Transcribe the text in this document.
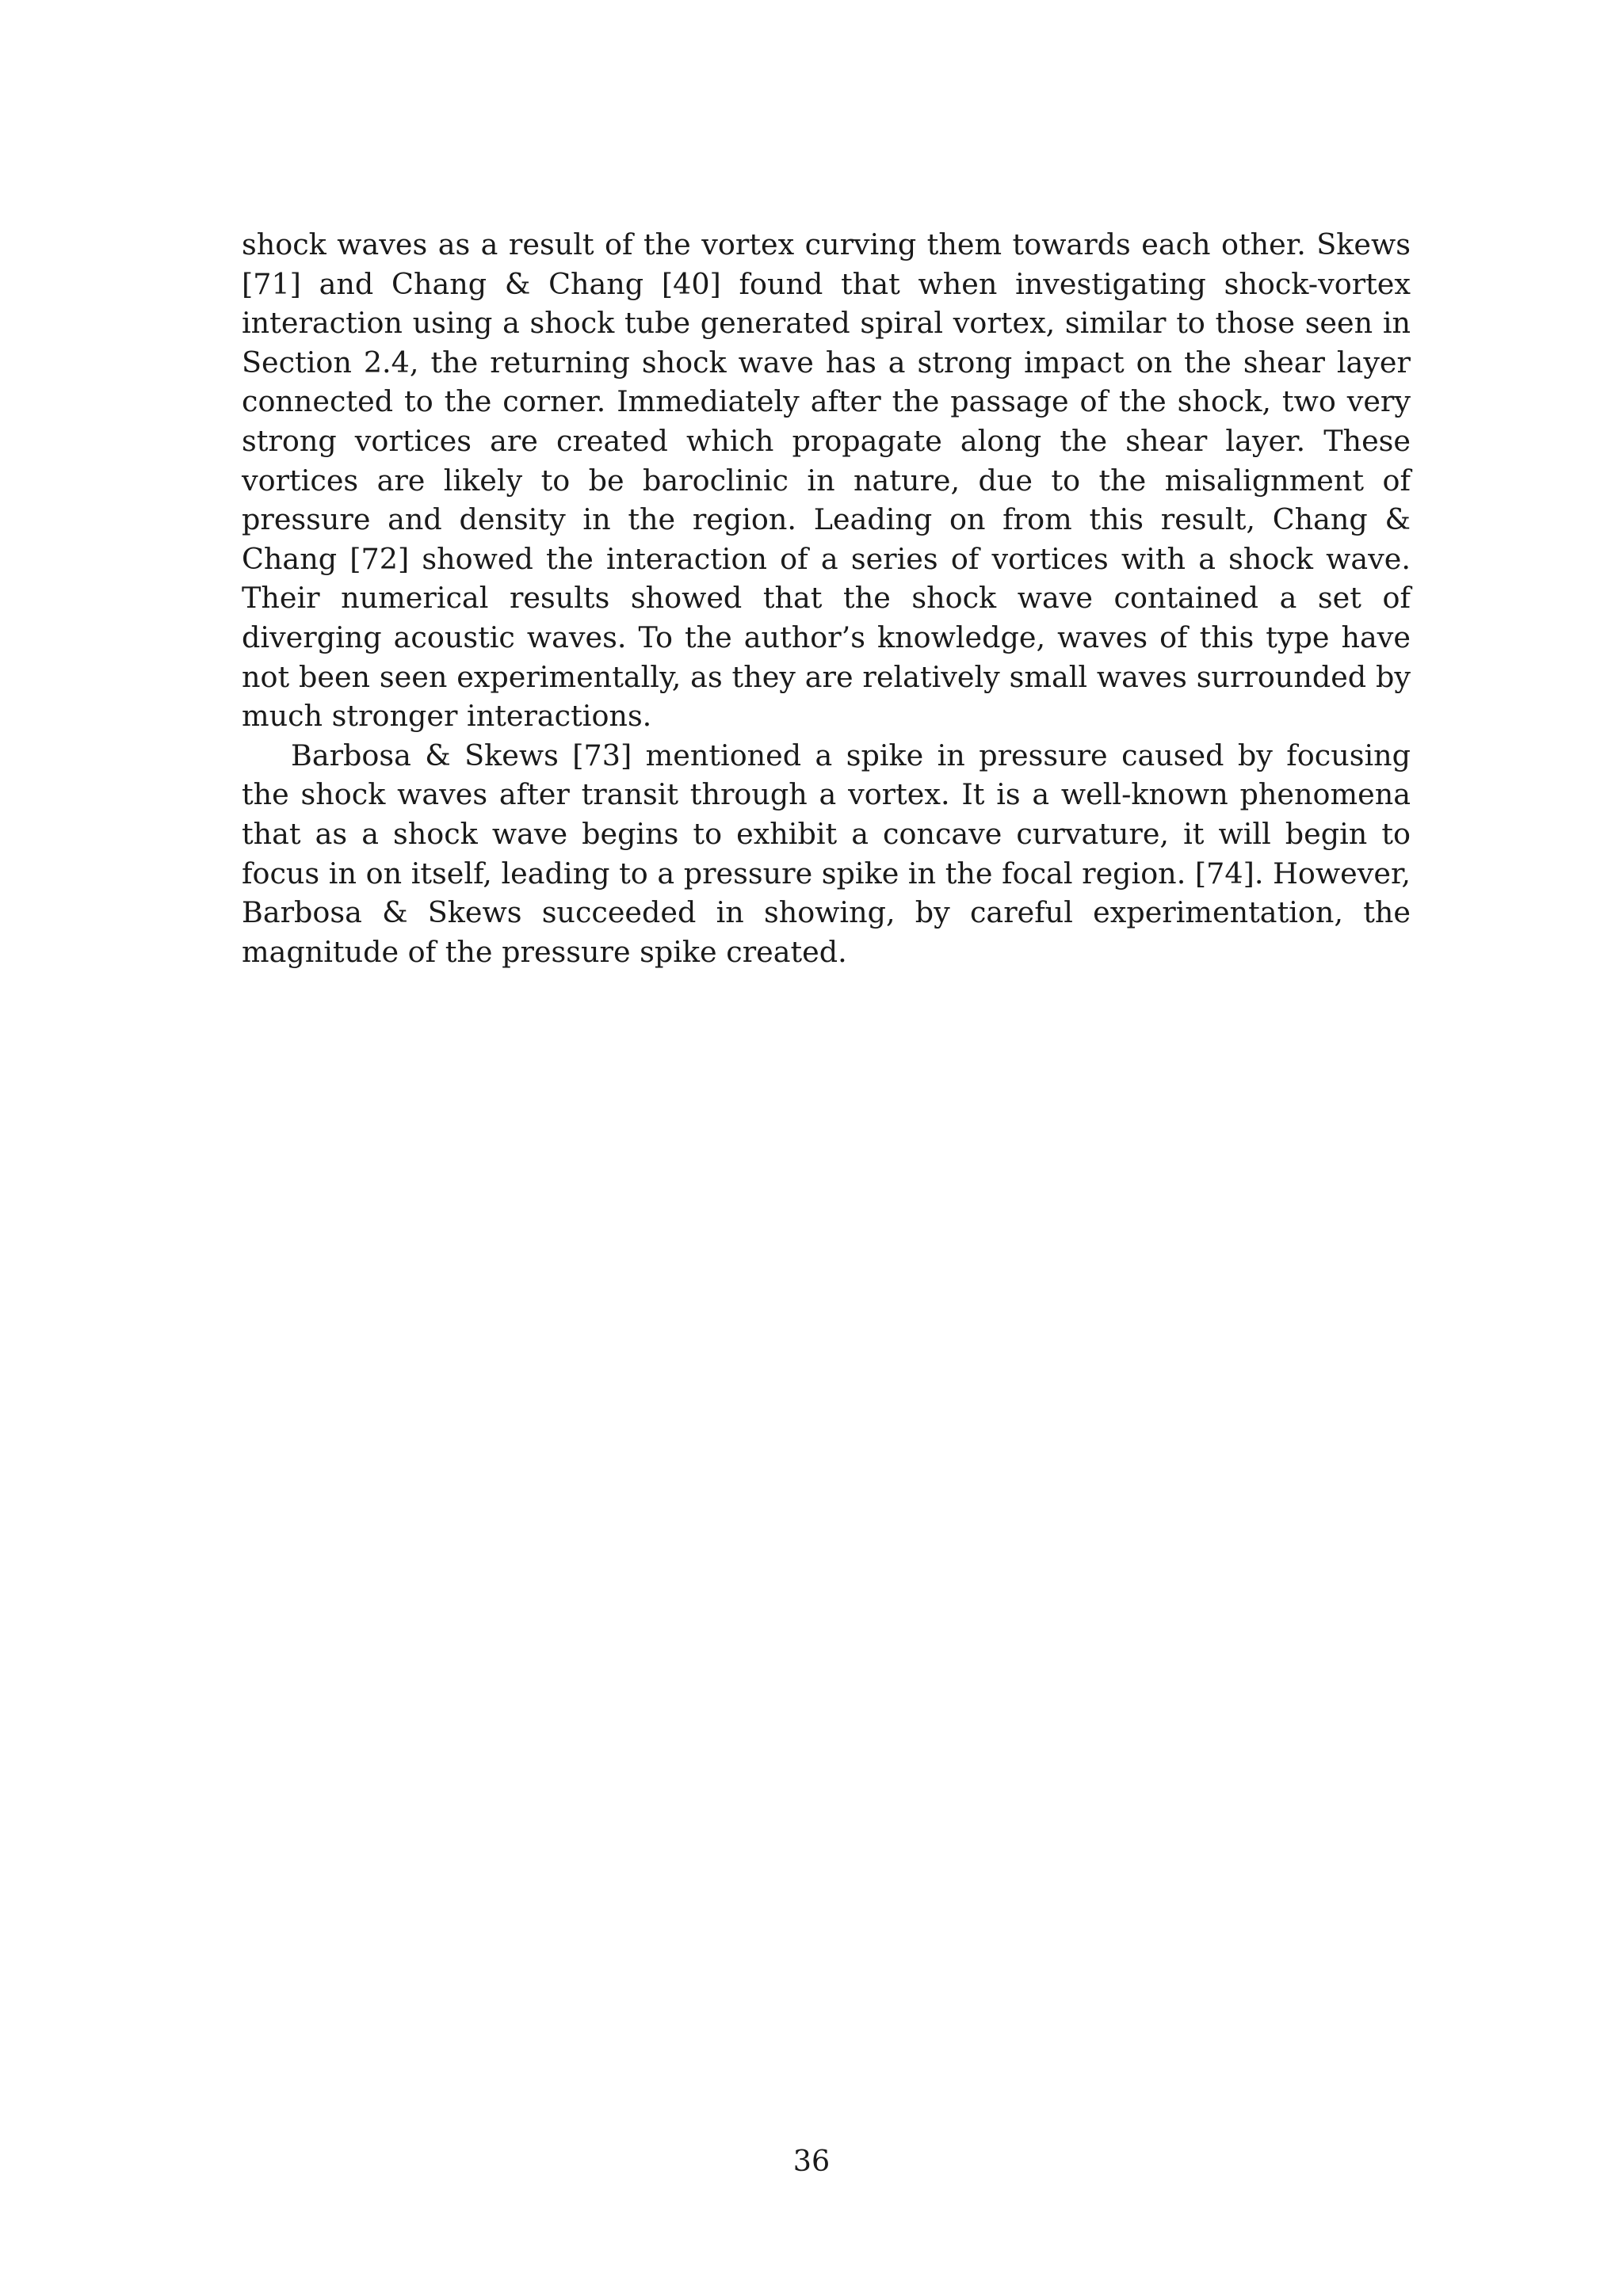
shock waves as a result of the vortex curving them towards each other. Skews [71] and Chang & Chang [40] found that when investigating shock-vortex interaction using a shock tube generated spiral vortex, similar to those seen in Section 2.4, the returning shock wave has a strong impact on the shear layer connected to the corner. Immediately after the passage of the shock, two very strong vortices are created which propagate along the shear layer. These vortices are likely to be baroclinic in nature, due to the misalignment of pressure and density in the region. Leading on from this result, Chang & Chang [72] showed the interaction of a series of vortices with a shock wave. Their numerical results showed that the shock wave contained a set of diverging acoustic waves. To the author’s knowledge, waves of this type have not been seen experimentally, as they are relatively small waves surrounded by much stronger interactions.

Barbosa & Skews [73] mentioned a spike in pressure caused by focusing the shock waves after transit through a vortex. It is a well-known phenomena that as a shock wave begins to exhibit a concave curvature, it will begin to focus in on itself, leading to a pressure spike in the focal region. [74]. However, Barbosa & Skews succeeded in showing, by careful experimentation, the magnitude of the pressure spike created.

36
